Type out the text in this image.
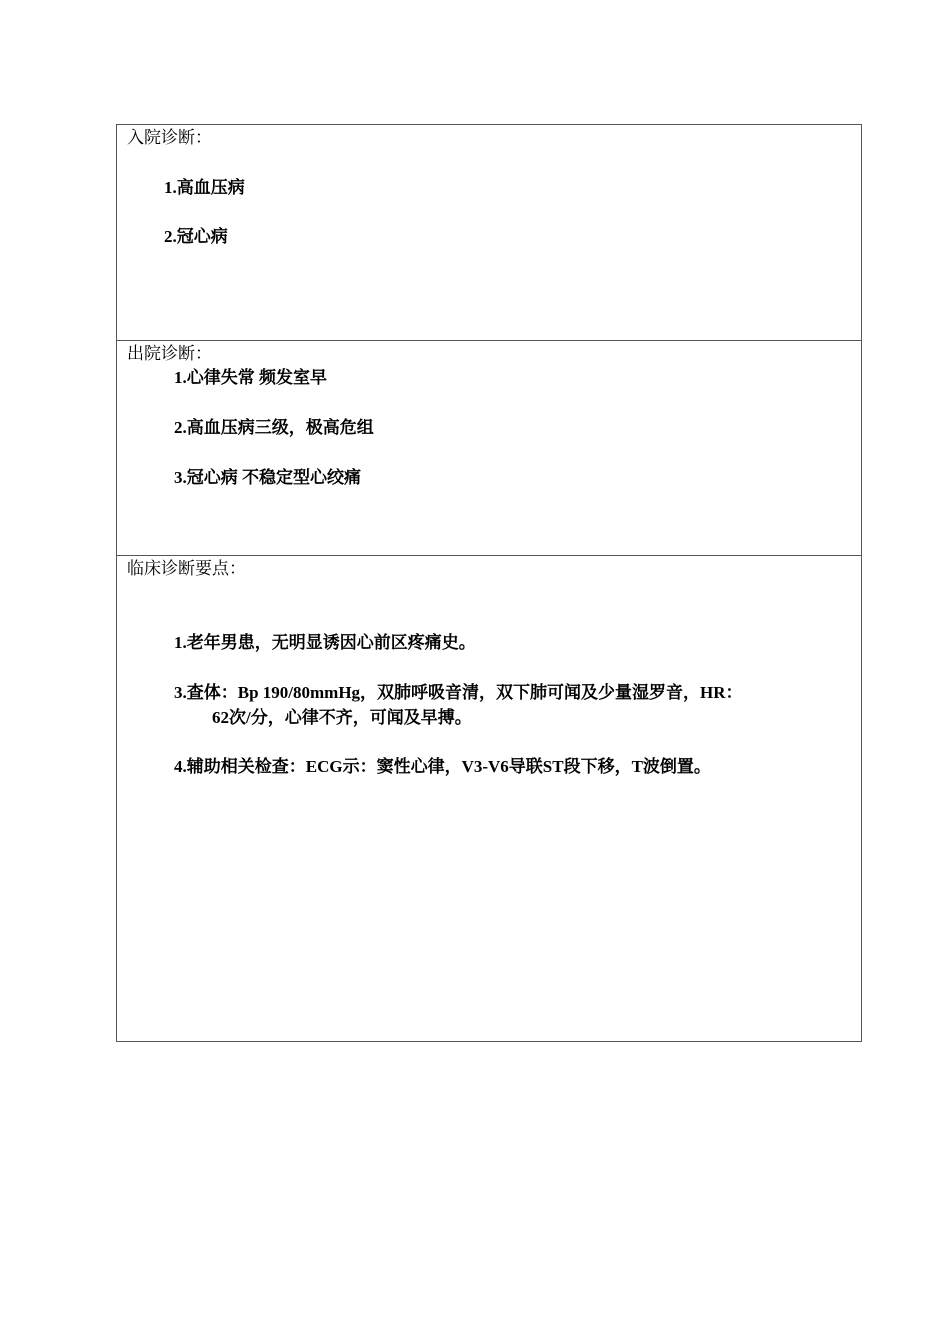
入院诊断：
1.高血压病
2.冠心病
出院诊断：
1.心律失常 频发室早
2.高血压病三级，极高危组
3.冠心病 不稳定型心绞痛
临床诊断要点：
1.老年男患，无明显诱因心前区疼痛史。
3.查体：Bp 190/80mmHg，双肺呼吸音清，双下肺可闻及少量湿罗音，HR：
62次/分，心律不齐，可闻及早搏。
4.辅助相关检查：ECG示：窦性心律，V3-V6导联ST段下移，T波倒置。
